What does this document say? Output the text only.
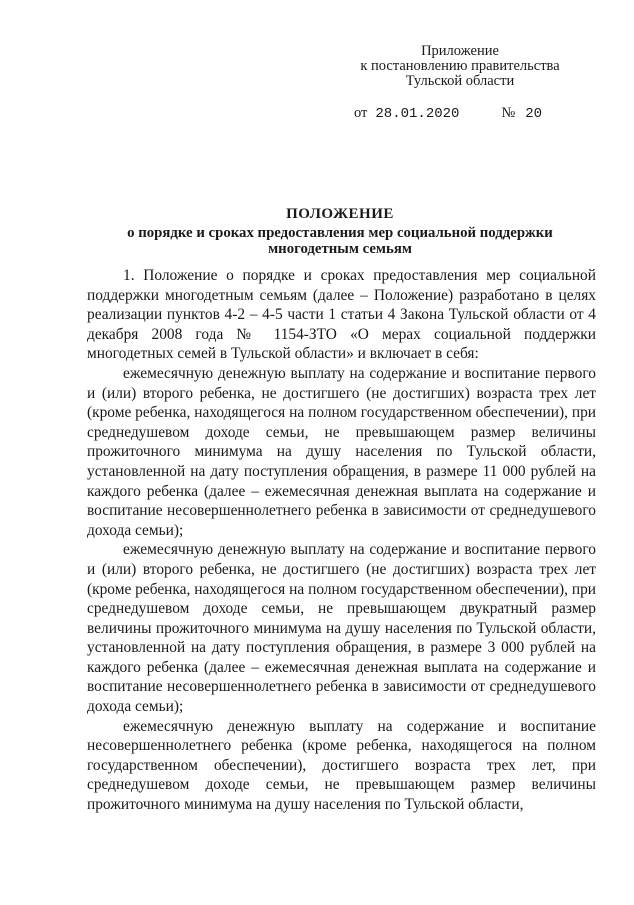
Приложение
к постановлению правительства
Тульской области
от 28.01.2020	№ 20
ПОЛОЖЕНИЕ
о порядке и сроках предоставления мер социальной поддержки
многодетным семьям

1. Положение о порядке и сроках предоставления мер социальной поддержки многодетным семьям (далее – Положение) разработано в целях реализации пунктов 4-2 – 4-5 части 1 статьи 4 Закона Тульской области от 4 декабря 2008 года № 1154-ЗТО «О мерах социальной поддержки многодетных семей в Тульской области» и включает в себя:

ежемесячную денежную выплату на содержание и воспитание первого и (или) второго ребенка, не достигшего (не достигших) возраста трех лет (кроме ребенка, находящегося на полном государственном обеспечении), при среднедушевом доходе семьи, не превышающем размер величины прожиточного минимума на душу населения по Тульской области, установленной на дату поступления обращения, в размере 11 000 рублей на каждого ребенка (далее – ежемесячная денежная выплата на содержание и воспитание несовершеннолетнего ребенка в зависимости от среднедушевого дохода семьи);

ежемесячную денежную выплату на содержание и воспитание первого и (или) второго ребенка, не достигшего (не достигших) возраста трех лет (кроме ребенка, находящегося на полном государственном обеспечении), при среднедушевом доходе семьи, не превышающем двукратный размер величины прожиточного минимума на душу населения по Тульской области, установленной на дату поступления обращения, в размере 3 000 рублей на каждого ребенка (далее – ежемесячная денежная выплата на содержание и воспитание несовершеннолетнего ребенка в зависимости от среднедушевого дохода семьи);

ежемесячную денежную выплату на содержание и воспитание несовершеннолетнего ребенка (кроме ребенка, находящегося на полном государственном обеспечении), достигшего возраста трех лет, при среднедушевом доходе семьи, не превышающем размер величины прожиточного минимума на душу населения по Тульской области,
